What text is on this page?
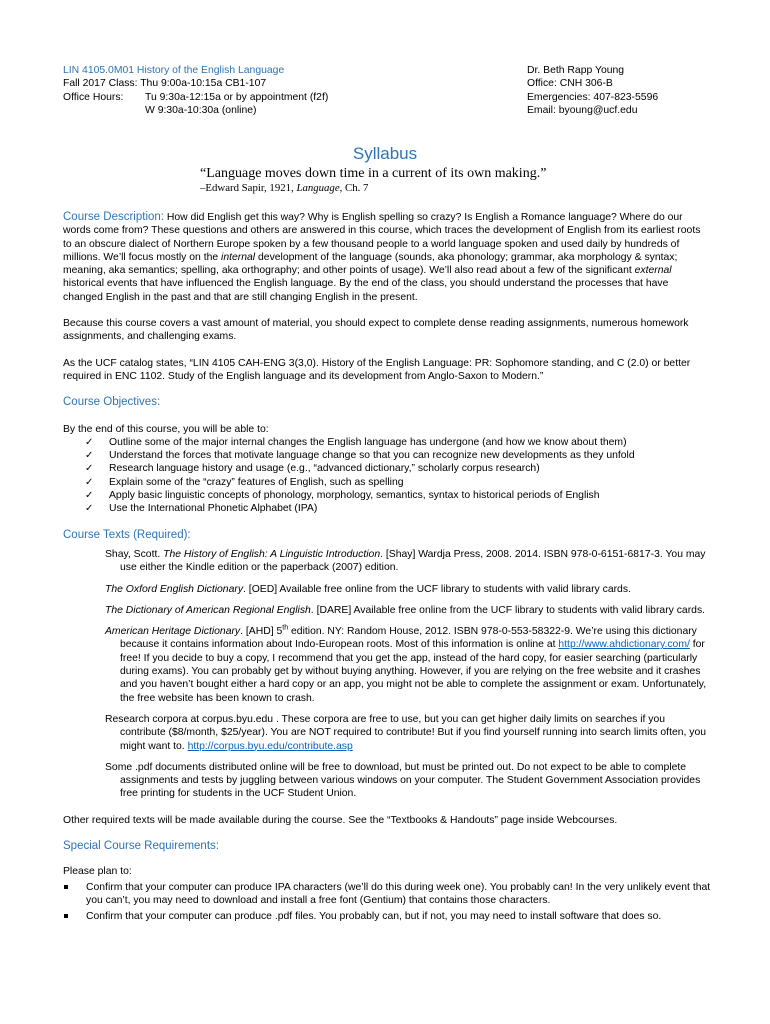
LIN 4105.0M01 History of the English Language
Fall 2017 Class: Thu 9:00a-10:15a CB1-107
Office Hours: Tu 9:30a-12:15a or by appointment (f2f)
W 9:30a-10:30a (online)
Dr. Beth Rapp Young
Office: CNH 306-B
Emergencies: 407-823-5596
Email: byoung@ucf.edu
Syllabus
“Language moves down time in a current of its own making.”
–Edward Sapir, 1921, Language, Ch. 7

Course Description: How did English get this way? Why is English spelling so crazy? Is English a Romance language? Where do our words come from? These questions and others are answered in this course, which traces the development of English from its earliest roots to an obscure dialect of Northern Europe spoken by a few thousand people to a world language spoken and used daily by hundreds of millions. We’ll focus mostly on the internal development of the language (sounds, aka phonology; grammar, aka morphology & syntax; meaning, aka semantics; spelling, aka orthography; and other points of usage). We’ll also read about a few of the significant external historical events that have influenced the English language. By the end of the class, you should understand the processes that have changed English in the past and that are still changing English in the present.

Because this course covers a vast amount of material, you should expect to complete dense reading assignments, numerous homework assignments, and challenging exams.

As the UCF catalog states, “LIN 4105 CAH-ENG 3(3,0). History of the English Language: PR: Sophomore standing, and C (2.0) or better required in ENC 1102. Study of the English language and its development from Anglo-Saxon to Modern.”

Course Objectives:

By the end of this course, you will be able to:

✓ Outline some of the major internal changes the English language has undergone (and how we know about them)
✓ Understand the forces that motivate language change so that you can recognize new developments as they unfold
✓ Research language history and usage (e.g., “advanced dictionary,” scholarly corpus research)
✓ Explain some of the “crazy” features of English, such as spelling
✓ Apply basic linguistic concepts of phonology, morphology, semantics, syntax to historical periods of English
✓ Use the International Phonetic Alphabet (IPA)

Course Texts (Required):

Shay, Scott. The History of English: A Linguistic Introduction. [Shay] Wardja Press, 2008. 2014. ISBN 978-0-6151-6817-3. You may use either the Kindle edition or the paperback (2007) edition.

The Oxford English Dictionary. [OED] Available free online from the UCF library to students with valid library cards.

The Dictionary of American Regional English. [DARE] Available free online from the UCF library to students with valid library cards.

American Heritage Dictionary. [AHD] 5th edition. NY: Random House, 2012. ISBN 978-0-553-58322-9. We’re using this dictionary because it contains information about Indo-European roots. Most of this information is online at http://www.ahdictionary.com/ for free! If you decide to buy a copy, I recommend that you get the app, instead of the hard copy, for easier searching (particularly during exams). You can probably get by without buying anything. However, if you are relying on the free website and it crashes and you haven’t bought either a hard copy or an app, you might not be able to complete the assignment or exam. Unfortunately, the free website has been known to crash.

Research corpora at corpus.byu.edu . These corpora are free to use, but you can get higher daily limits on searches if you contribute ($8/month, $25/year). You are NOT required to contribute! But if you find yourself running into search limits often, you might want to. http://corpus.byu.edu/contribute.asp

Some .pdf documents distributed online will be free to download, but must be printed out. Do not expect to be able to complete assignments and tests by juggling between various windows on your computer. The Student Government Association provides free printing for students in the UCF Student Union.

Other required texts will be made available during the course. See the “Textbooks & Handouts” page inside Webcourses.

Special Course Requirements:

Please plan to:

Confirm that your computer can produce IPA characters (we’ll do this during week one). You probably can! In the very unlikely event that you can’t, you may need to download and install a free font (Gentium) that contains those characters.
Confirm that your computer can produce .pdf files. You probably can, but if not, you may need to install software that does so.
